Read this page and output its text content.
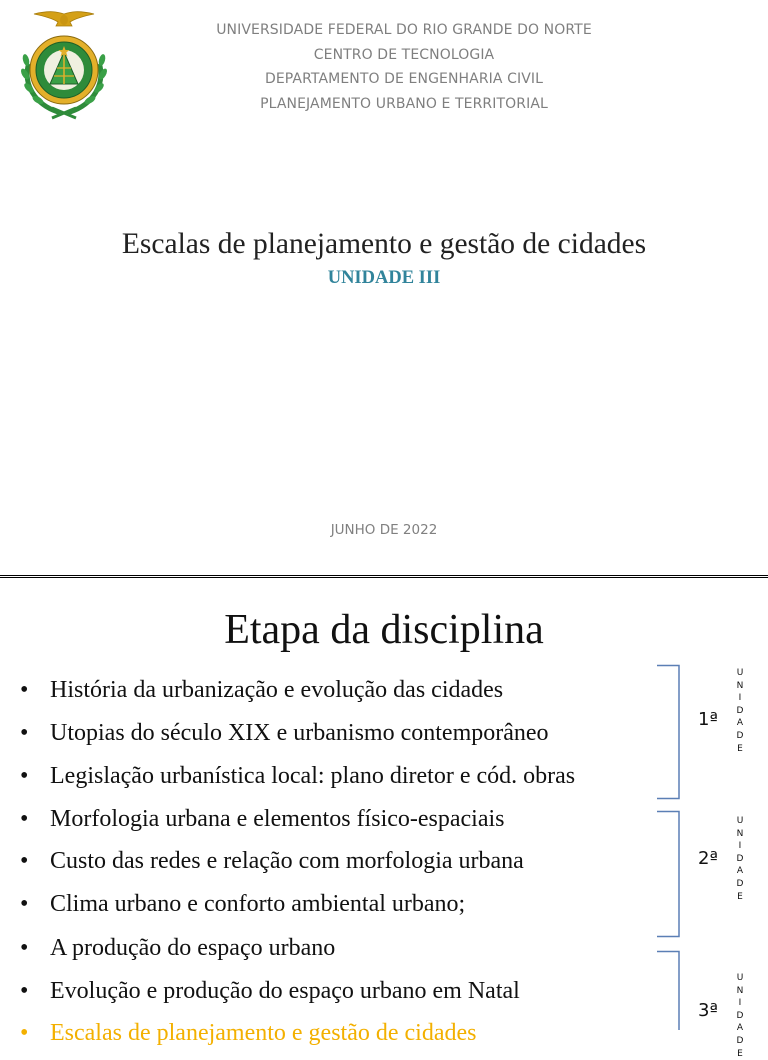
UNIVERSIDADE FEDERAL DO RIO GRANDE DO NORTE
CENTRO DE TECNOLOGIA
DEPARTAMENTO DE ENGENHARIA CIVIL
PLANEJAMENTO URBANO E TERRITORIAL
Escalas de planejamento e gestão de cidades
UNIDADE III
JUNHO DE 2022
Etapa da disciplina
• História da urbanização e evolução das cidades
• Utopias do século XIX e urbanismo contemporâneo
• Legislação urbanística local: plano diretor e cód. obras
• Morfologia urbana e elementos físico-espaciais
• Custo das redes e relação com morfologia urbana
• Clima urbano e conforto ambiental urbano;
• A produção do espaço urbano
• Evolução e produção do espaço urbano em Natal
• Escalas de planejamento e gestão de cidades
1ª
U
N
I
D
A
D
E
2ª
U
N
I
D
A
D
E
3ª
U
N
I
D
A
D
E
